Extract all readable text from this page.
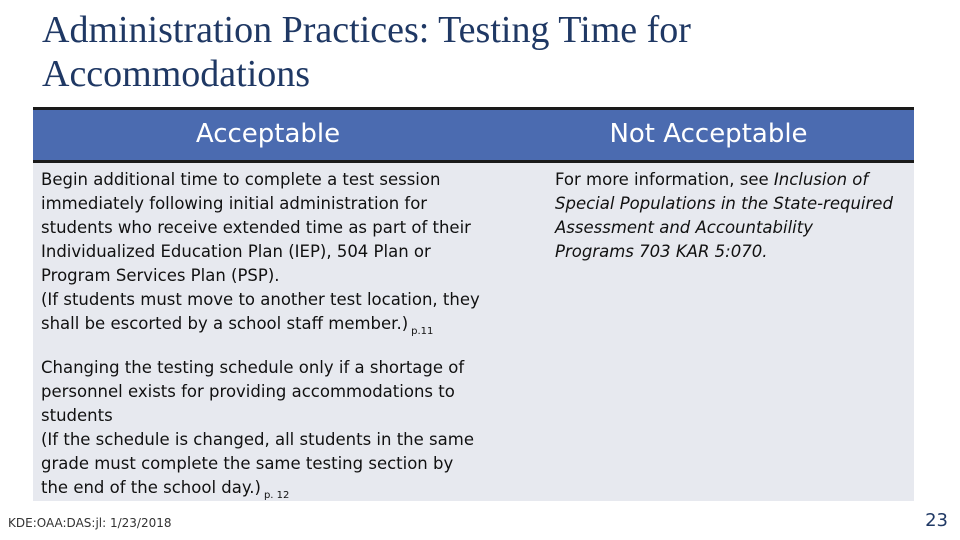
Administration Practices: Testing Time for Accommodations
Acceptable	Not Acceptable

Begin additional time to complete a test session
immediately following initial administration for
students who receive extended time as part of their
Individualized Education Plan (IEP), 504 Plan or
Program Services Plan (PSP).
(If students must move to another test location, they
shall be escorted by a school staff member.) $_{p.11}$

Changing the testing schedule only if a shortage of
personnel exists for providing accommodations to
students
(If the schedule is changed, all students in the same
grade must complete the same testing section by
the end of the school day.) $_{p. 12}$

For more information, see Inclusion of
Special Populations in the State-required
Assessment and Accountability
Programs 703 KAR 5:070.

KDE:OAA:DAS:jl: 1/23/2018	23
